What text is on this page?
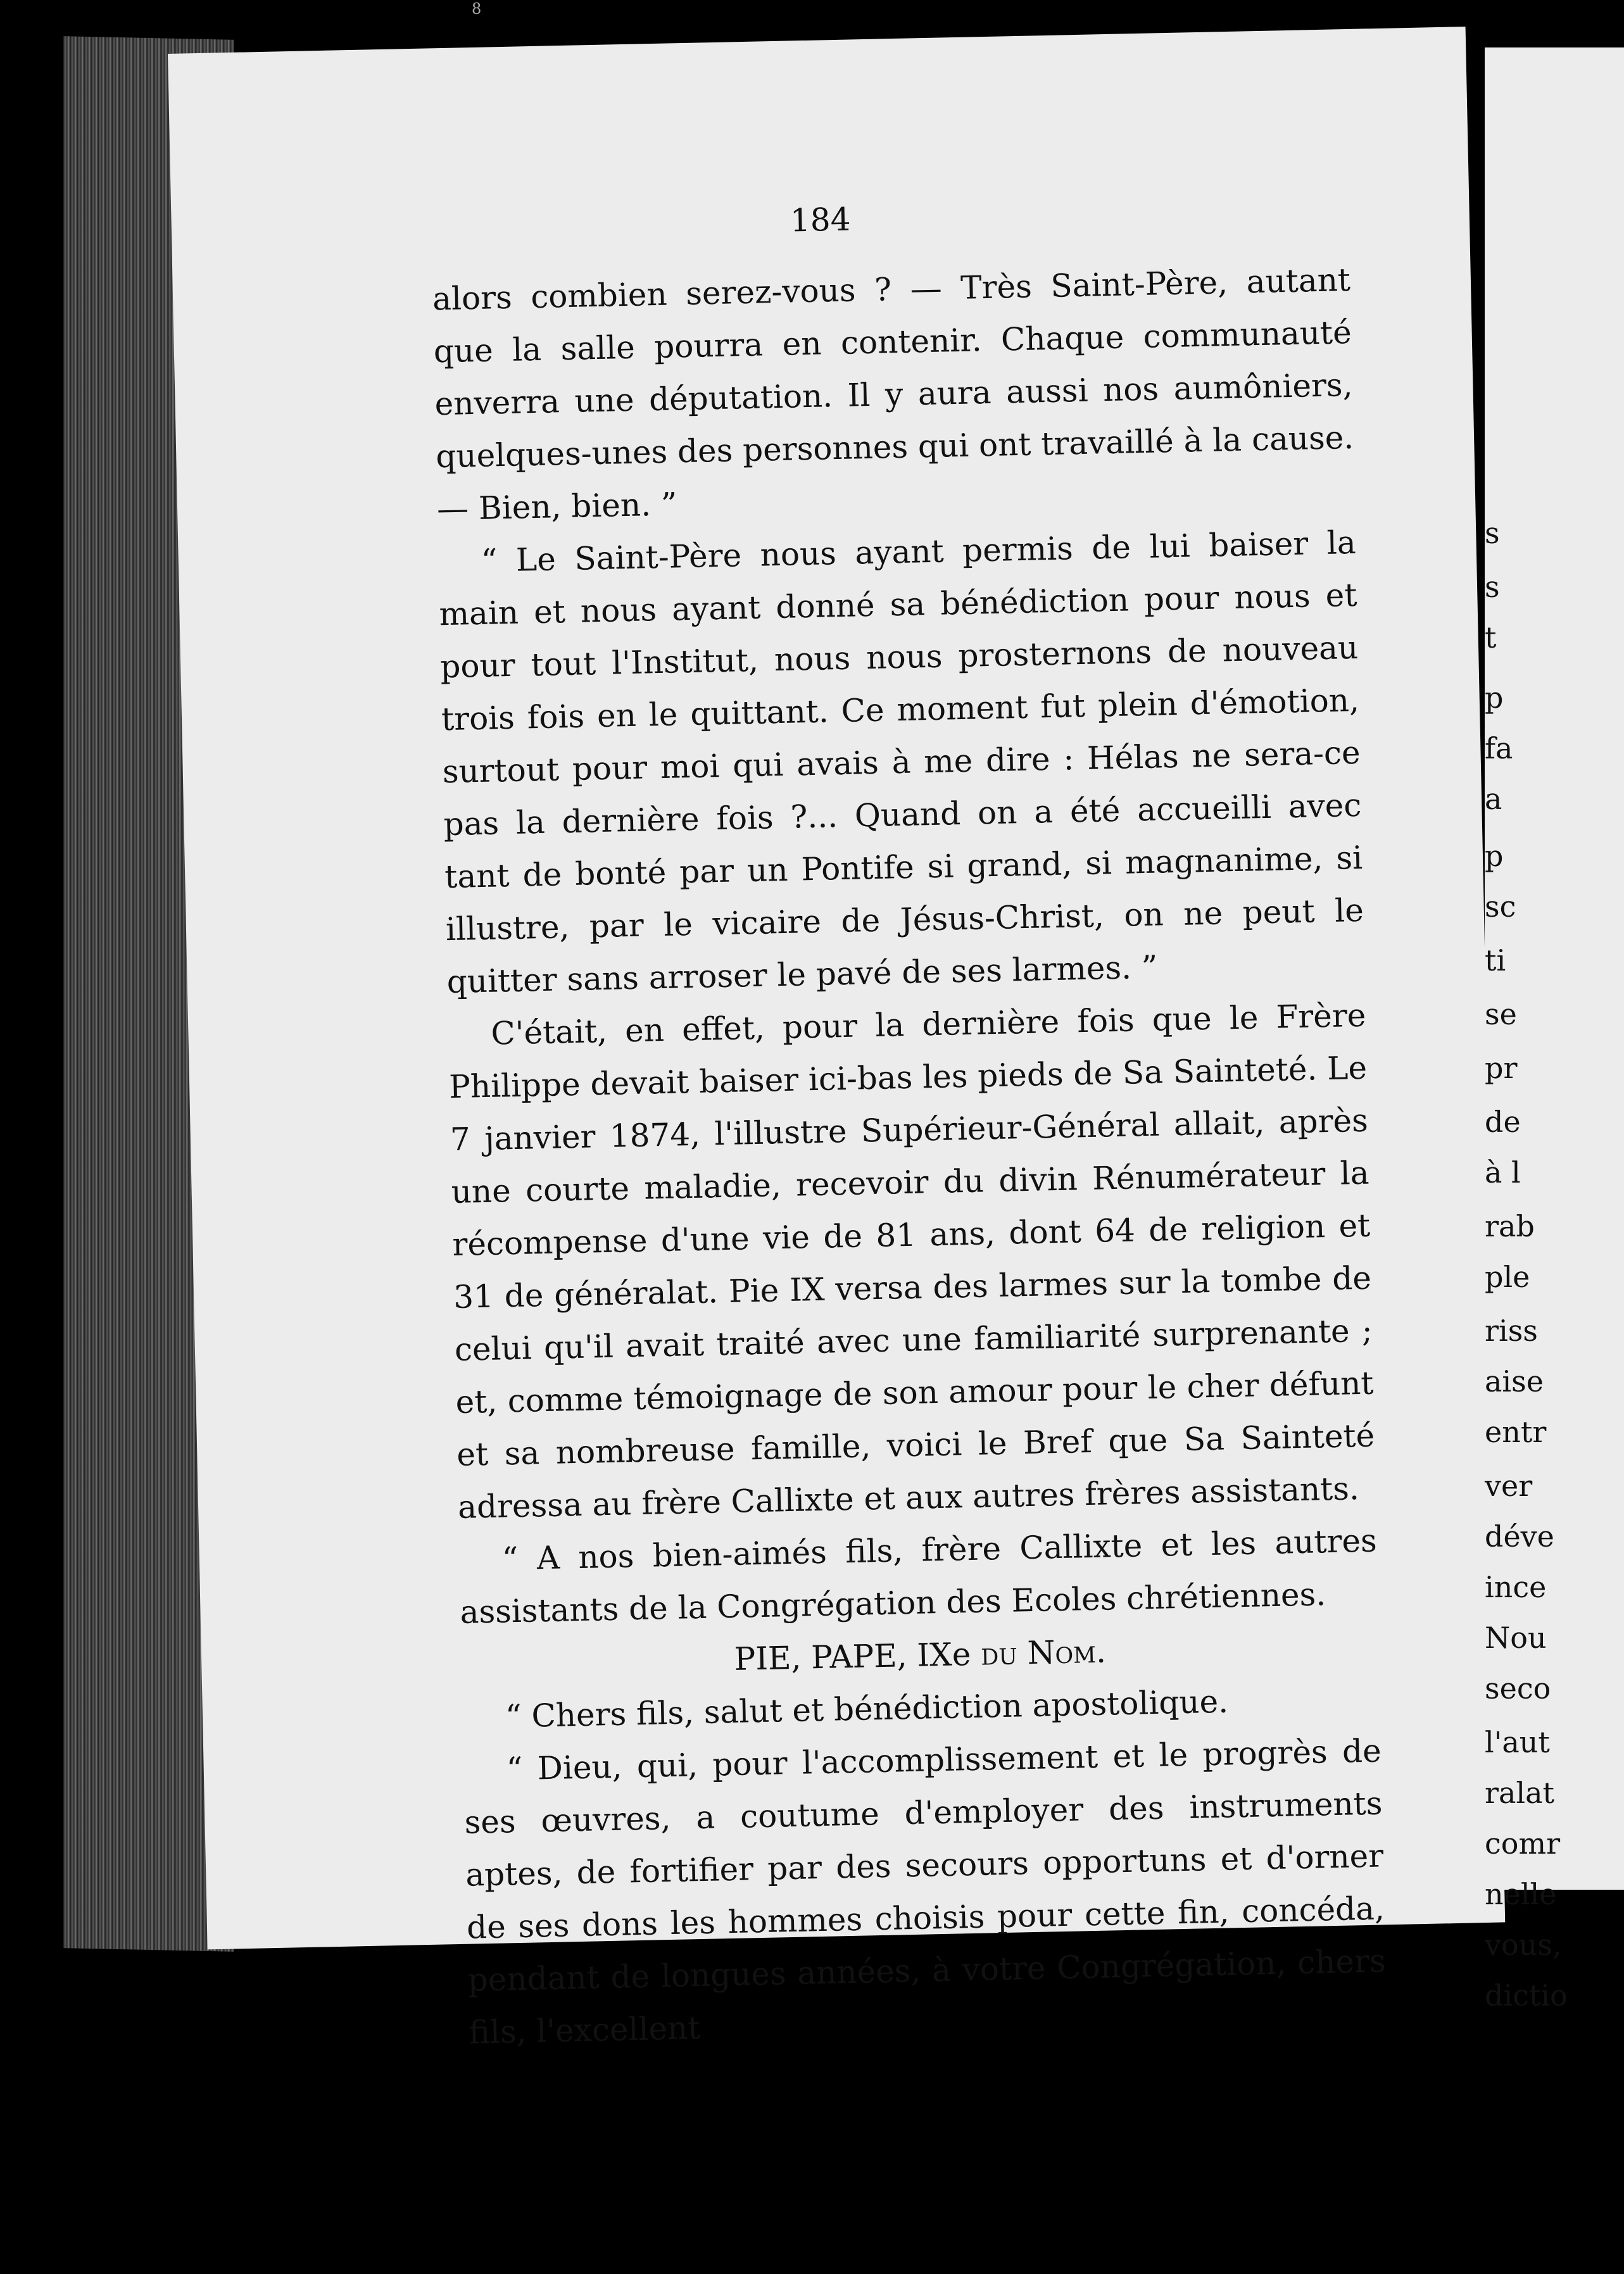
8
184

alors combien serez-vous ? — Très Saint-Père, autant que la salle pourra en contenir. Chaque communauté enverra une députation. Il y aura aussi nos aumôniers, quelques-unes des personnes qui ont travaillé à la cause. — Bien, bien. ”

“ Le Saint-Père nous ayant permis de lui baiser la main et nous ayant donné sa bénédiction pour nous et pour tout l'Institut, nous nous prosternons de nouveau trois fois en le quittant. Ce moment fut plein d'émotion, surtout pour moi qui avais à me dire : Hélas ne sera-ce pas la dernière fois ?... Quand on a été accueilli avec tant de bonté par un Pontife si grand, si magnanime, si illustre, par le vicaire de Jésus-Christ, on ne peut le quitter sans arroser le pavé de ses larmes. ”

C'était, en effet, pour la dernière fois que le Frère Philippe devait baiser ici-bas les pieds de Sa Sainteté. Le 7 janvier 1874, l'illustre Supérieur-Général allait, après une courte maladie, recevoir du divin Rénumérateur la récompense d'une vie de 81 ans, dont 64 de religion et 31 de généralat. Pie IX versa des larmes sur la tombe de celui qu'il avait traité avec une familiarité surprenante ; et, comme témoignage de son amour pour le cher défunt et sa nombreuse famille, voici le Bref que Sa Sainteté adressa au frère Callixte et aux autres frères assistants.

“ A nos bien-aimés fils, frère Callixte et les autres assistants de la Congrégation des Ecoles chrétiennes.

PIE, PAPE, IXe du Nom.

“ Chers fils, salut et bénédiction apostolique.

“ Dieu, qui, pour l'accomplissement et le progrès de ses œuvres, a coutume d'employer des instruments aptes, de fortifier par des secours opportuns et d'orner de ses dons les hommes choisis pour cette fin, concéda, pendant de longues années, à votre Congrégation, chers fils, l'excellent

s
s
t
p
fa
a
p
sc
ti
se
pr
de
à l
rab
ple
riss
aise
entr
ver
déve
ince
Nou
seco
l'aut
ralat
comr
nelle
vous,
dictio
